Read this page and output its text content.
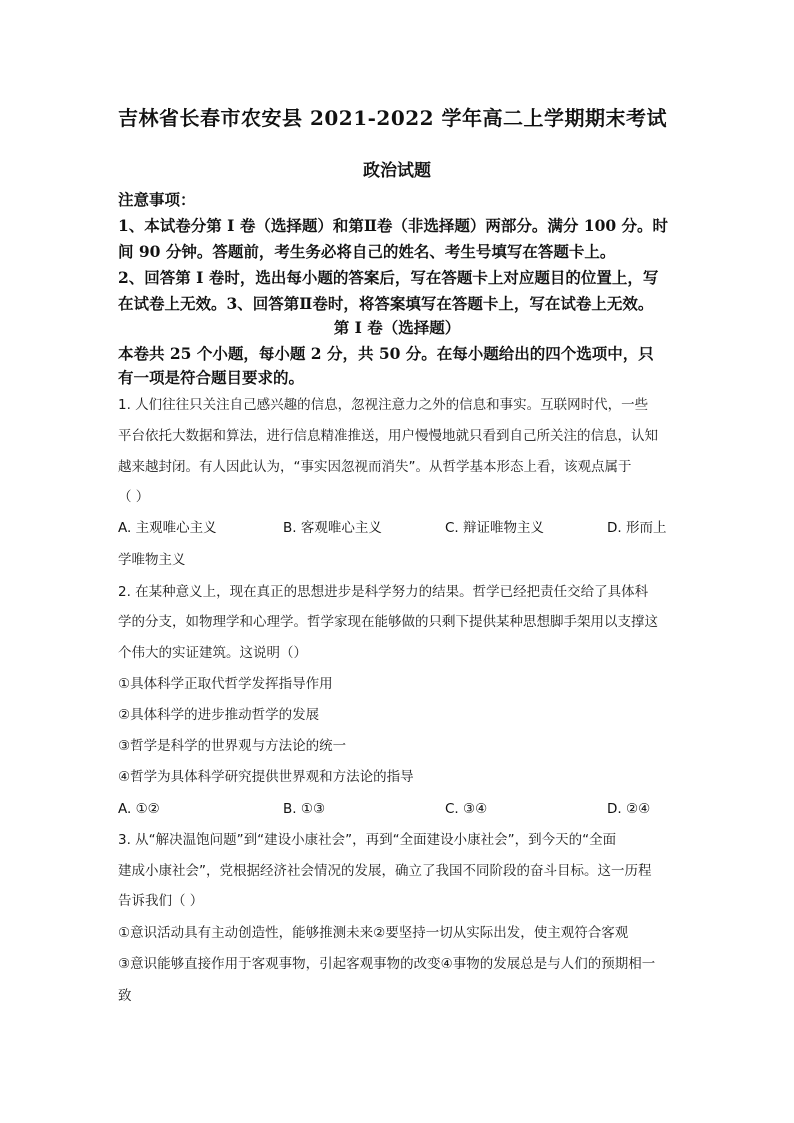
吉林省长春市农安县 2021-2022 学年高二上学期期末考试
政治试题
注意事项：
1、本试卷分第 I 卷（选择题）和第Ⅱ卷（非选择题）两部分。满分 100 分。时
间 90 分钟。答题前，考生务必将自己的姓名、考生号填写在答题卡上。
2、回答第 I 卷时，选出每小题的答案后，写在答题卡上对应题目的位置上，写
在试卷上无效。3、回答第Ⅱ卷时，将答案填写在答题卡上，写在试卷上无效。
第 I 卷（选择题）
本卷共 25 个小题，每小题 2 分，共 50 分。在每小题给出的四个选项中，只
有一项是符合题目要求的。
1. 人们往往只关注自己感兴趣的信息，忽视注意力之外的信息和事实。互联网时代，一些
平台依托大数据和算法，进行信息精准推送，用户慢慢地就只看到自己所关注的信息，认知
越来越封闭。有人因此认为，“事实因忽视而消失”。从哲学基本形态上看，该观点属于
（ ）
A. 主观唯心主义	B. 客观唯心主义	C. 辩证唯物主义	D. 形而上
学唯物主义
2. 在某种意义上，现在真正的思想进步是科学努力的结果。哲学已经把责任交给了具体科
学的分支，如物理学和心理学。哲学家现在能够做的只剩下提供某种思想脚手架用以支撑这
个伟大的实证建筑。这说明（）
①具体科学正取代哲学发挥指导作用
②具体科学的进步推动哲学的发展
③哲学是科学的世界观与方法论的统一
④哲学为具体科学研究提供世界观和方法论的指导
A. ①②	B. ①③	C. ③④	D. ②④
3. 从“解决温饱问题”到“建设小康社会”，再到“全面建设小康社会”，到今天的“全面
建成小康社会”，党根据经济社会情况的发展，确立了我国不同阶段的奋斗目标。这一历程
告诉我们（ ）
①意识活动具有主动创造性，能够推测未来②要坚持一切从实际出发，使主观符合客观
③意识能够直接作用于客观事物，引起客观事物的改变④事物的发展总是与人们的预期相一
致
